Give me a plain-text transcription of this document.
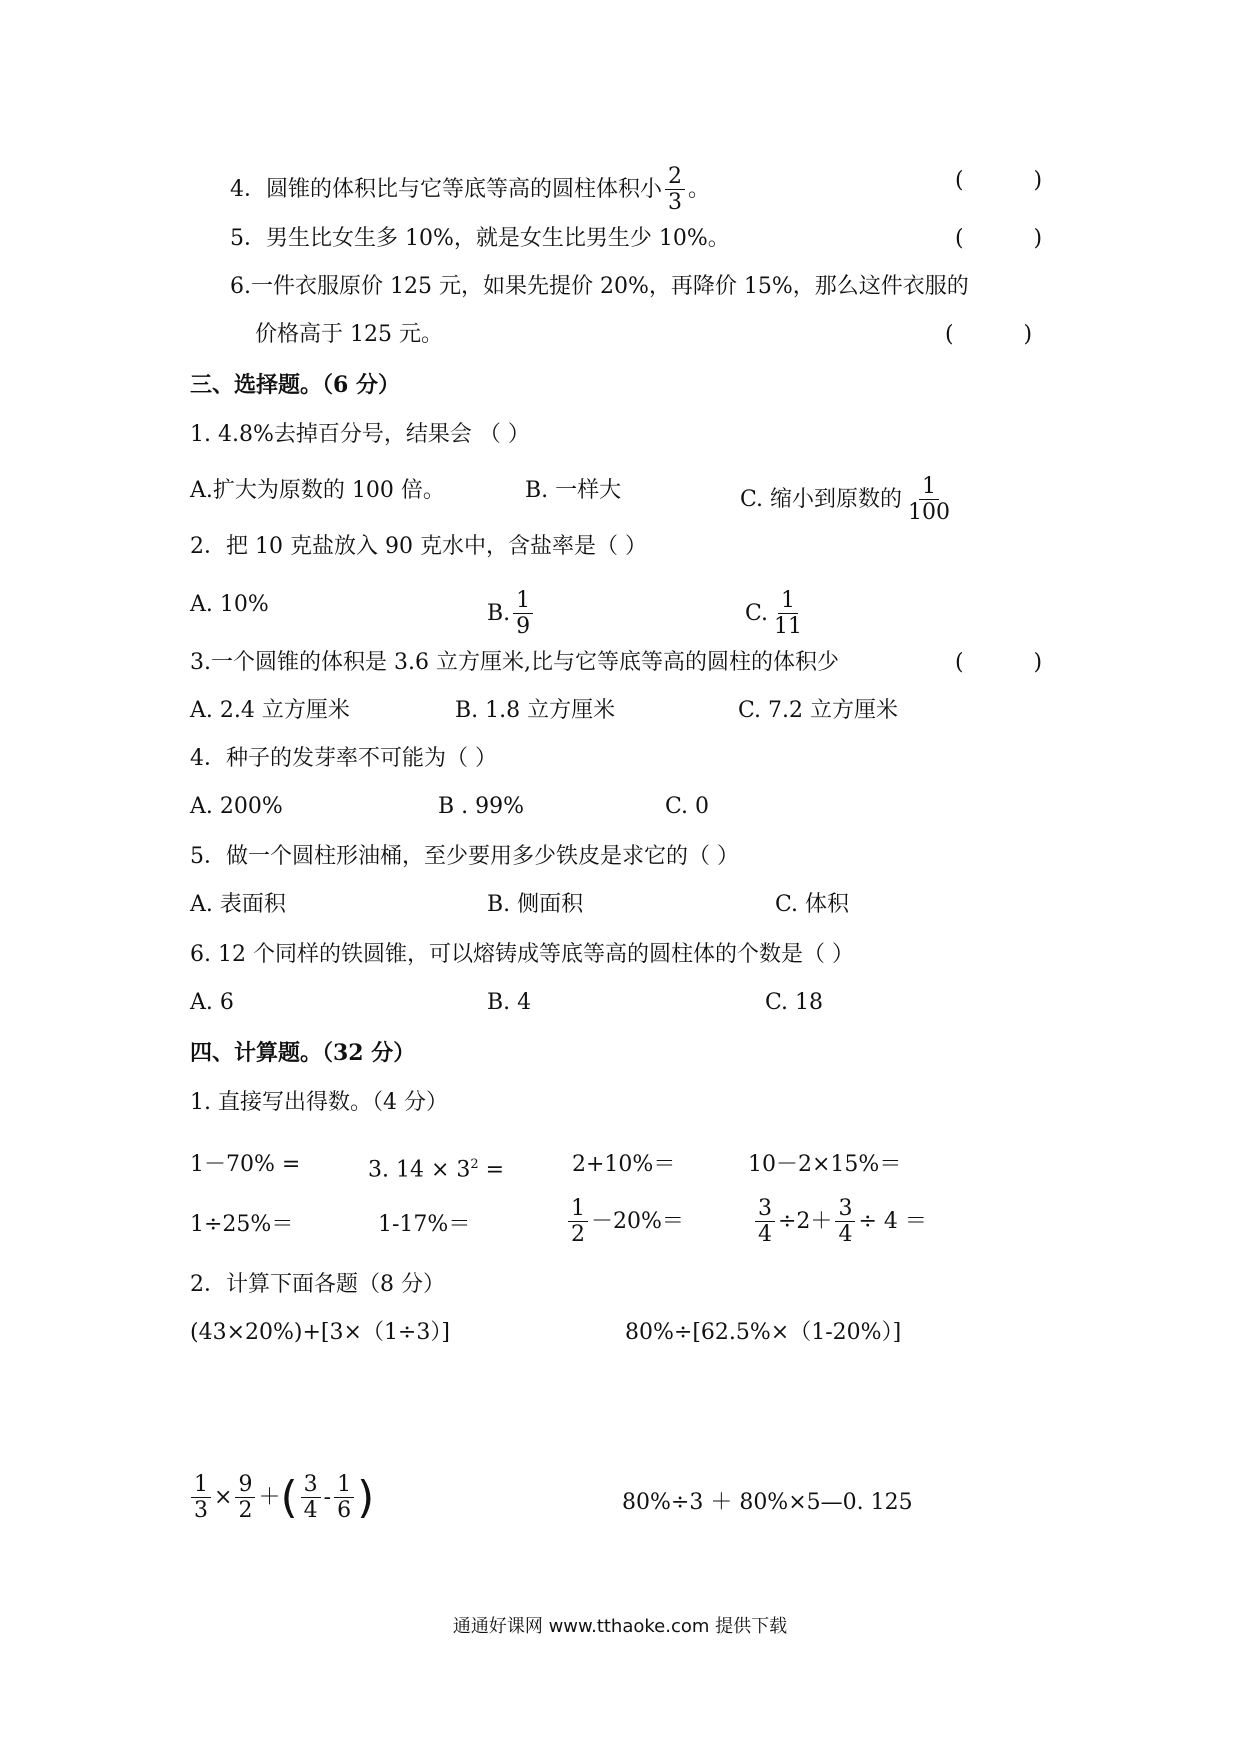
4．圆锥的体积比与它等底等高的圆柱体积小 $\frac{2}{3}$ 。	(          )
5．男生比女生多 10%，就是女生比男生少 10%。	(          )
6.一件衣服原价 125 元，如果先提价 20%，再降价 15%，那么这件衣服的
价格高于 125 元。	(          )
三、选择题。（6 分）
1. 4.8%去掉百分号，结果会 （ ）
A.扩大为原数的 100 倍。	B. 一样大	C. 缩小到原数的 $\frac{1}{100}$
2．把 10 克盐放入 90 克水中，含盐率是（ ）
A. 10%	B. $\frac{1}{9}$	C. $\frac{1}{11}$
3.一个圆锥的体积是 3.6 立方厘米,比与它等底等高的圆柱的体积少	(          )
A. 2.4 立方厘米	B. 1.8 立方厘米	C. 7.2 立方厘米
4．种子的发芽率不可能为（ ）
A. 200%	B . 99%	C. 0
5．做一个圆柱形油桶，至少要用多少铁皮是求它的（ ）
A. 表面积	B. 侧面积	C. 体积
6. 12 个同样的铁圆锥，可以熔铸成等底等高的圆柱体的个数是（ ）
A. 6	B. 4	C. 18
四、计算题。（32 分）
1. 直接写出得数。（4 分）
1－70% =	3. $14 \times 3^2$ =	2+10%＝	10－2×15%＝
1÷25%＝	1-17%＝	$\frac{1}{2} -20\%=$	$\frac{3}{4} \div 2+ \frac{3}{4} \div 4$ ＝
2．计算下面各题（8 分）
(43×20%)+[3×（1÷3）]	80%÷[62.5%×（1-20%）]
$\frac{1}{3} \times \frac{9}{2}$ ＋( $\frac{3}{4} - \frac{1}{6}$ )	80%÷3 ＋ 80%×5—0. 125
通通好课网 www.tthaoke.com 提供下载
